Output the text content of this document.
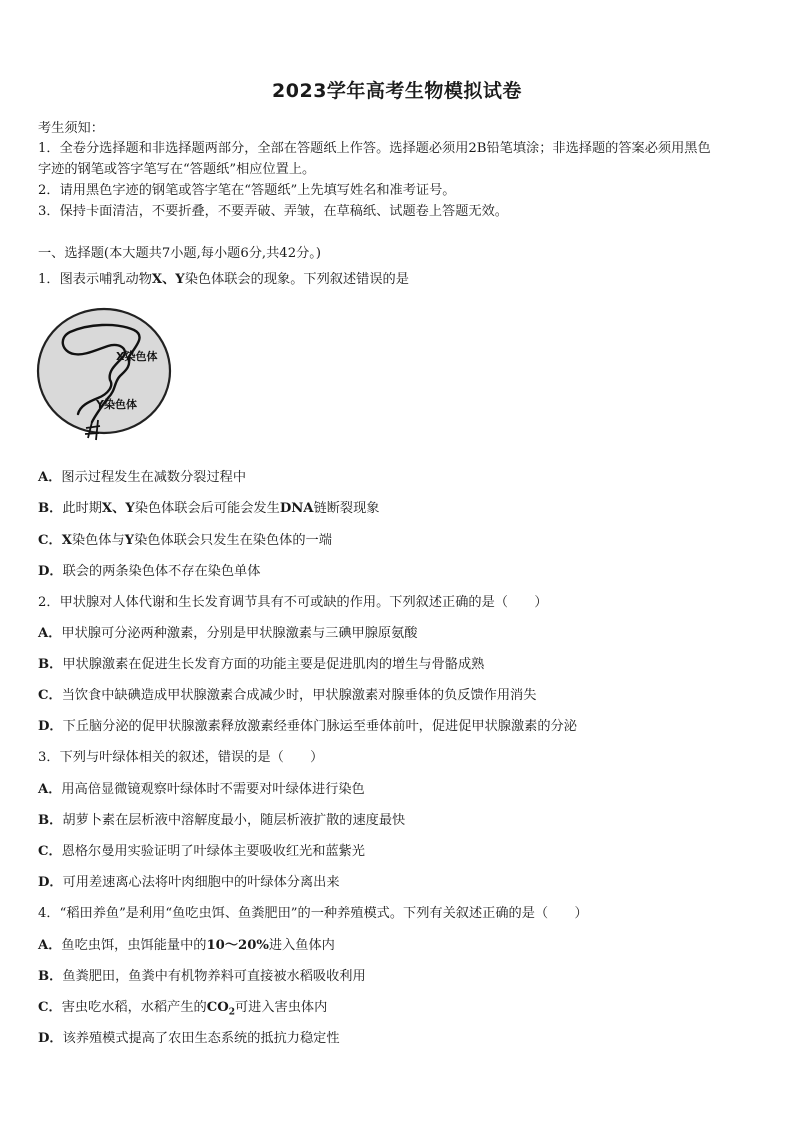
2023学年高考生物模拟试卷
考生须知：
1．全卷分选择题和非选择题两部分，全部在答题纸上作答。选择题必须用2B铅笔填涂；非选择题的答案必须用黑色
字迹的钢笔或答字笔写在“答题纸”相应位置上。
2．请用黑色字迹的钢笔或答字笔在“答题纸”上先填写姓名和准考证号。
3．保持卡面清洁，不要折叠，不要弄破、弄皱，在草稿纸、试题卷上答题无效。
一、选择题(本大题共7小题,每小题6分,共42分。)
1．图表示哺乳动物X、Y染色体联会的现象。下列叙述错误的是
X染色体
Y染色体
A．图示过程发生在减数分裂过程中
B．此时期X、Y染色体联会后可能会发生DNA链断裂现象
C．X染色体与Y染色体联会只发生在染色体的一端
D．联会的两条染色体不存在染色单体
2．甲状腺对人体代谢和生长发育调节具有不可或缺的作用。下列叙述正确的是（　　）
A．甲状腺可分泌两种激素，分别是甲状腺激素与三碘甲腺原氨酸
B．甲状腺激素在促进生长发育方面的功能主要是促进肌肉的增生与骨骼成熟
C．当饮食中缺碘造成甲状腺激素合成减少时，甲状腺激素对腺垂体的负反馈作用消失
D．下丘脑分泌的促甲状腺激素释放激素经垂体门脉运至垂体前叶，促进促甲状腺激素的分泌
3．下列与叶绿体相关的叙述，错误的是（　　）
A．用高倍显微镜观察叶绿体时不需要对叶绿体进行染色
B．胡萝卜素在层析液中溶解度最小，随层析液扩散的速度最快
C．恩格尔曼用实验证明了叶绿体主要吸收红光和蓝紫光
D．可用差速离心法将叶肉细胞中的叶绿体分离出来
4．“稻田养鱼”是利用“鱼吃虫饵、鱼粪肥田”的一种养殖模式。下列有关叙述正确的是（　　）
A．鱼吃虫饵，虫饵能量中的10～20%进入鱼体内
B．鱼粪肥田，鱼粪中有机物养料可直接被水稻吸收利用
C．害虫吃水稻，水稻产生的$CO_2$可进入害虫体内
D．该养殖模式提高了农田生态系统的抵抗力稳定性
